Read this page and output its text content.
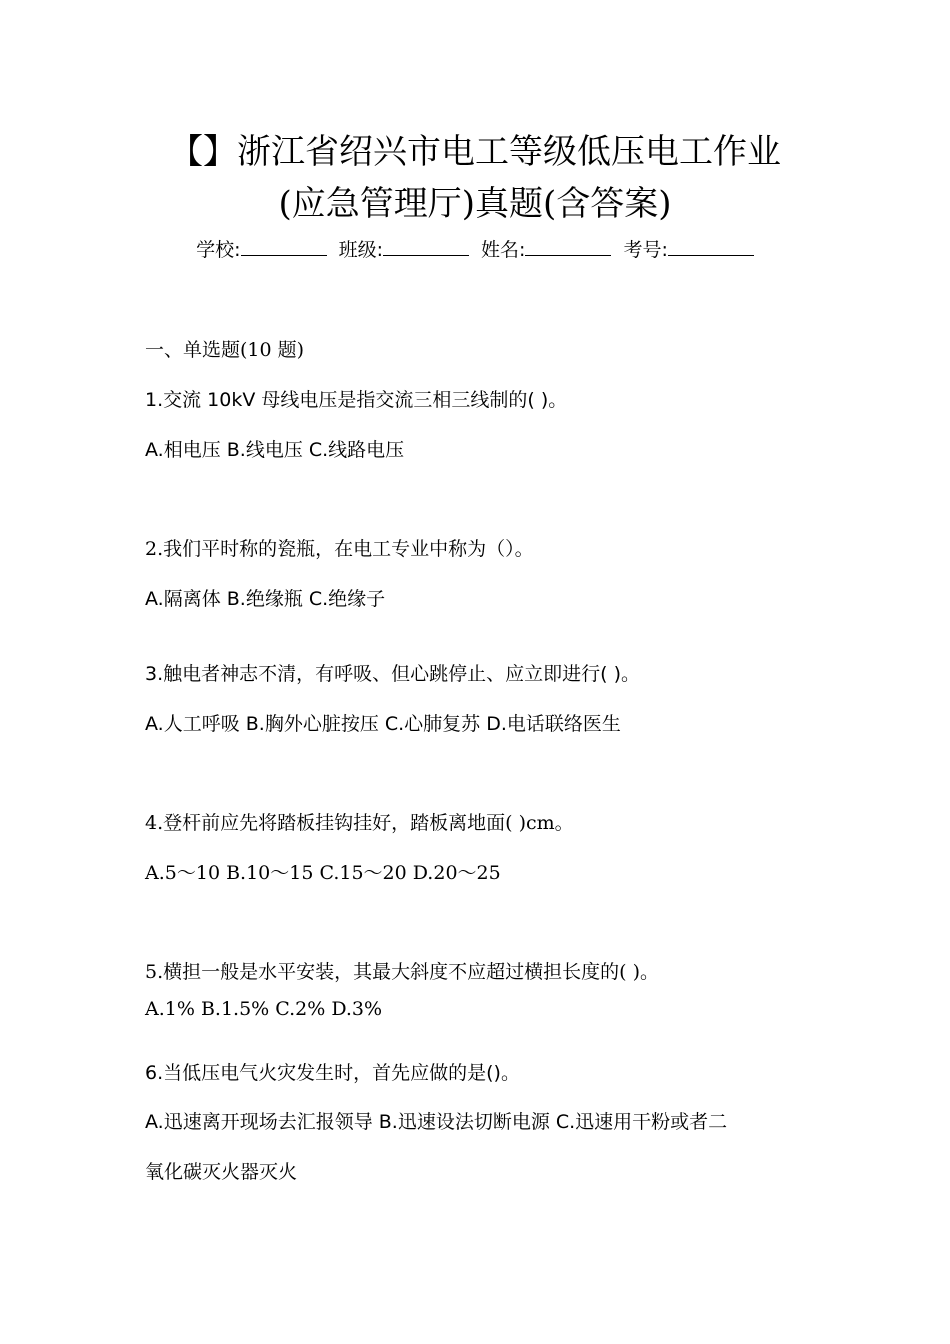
【】浙江省绍兴市电工等级低压电工作业
(应急管理厅)真题(含答案)
学校:	班级:	姓名:	考号:
一、单选题(10 题)
1.交流 10kV 母线电压是指交流三相三线制的( )。
A.相电压 B.线电压 C.线路电压
2.我们平时称的瓷瓶，在电工专业中称为（）。
A.隔离体 B.绝缘瓶 C.绝缘子
3.触电者神志不清，有呼吸、但心跳停止、应立即进行( )。
A.人工呼吸 B.胸外心脏按压 C.心肺复苏 D.电话联络医生
4.登杆前应先将踏板挂钩挂好，踏板离地面( )cm。
A.5～10 B.10～15 C.15～20 D.20～25
5.横担一般是水平安装，其最大斜度不应超过横担长度的( )。
A.1% B.1.5% C.2% D.3%
6.当低压电气火灾发生时，首先应做的是()。
A.迅速离开现场去汇报领导 B.迅速设法切断电源 C.迅速用干粉或者二
氧化碳灭火器灭火
